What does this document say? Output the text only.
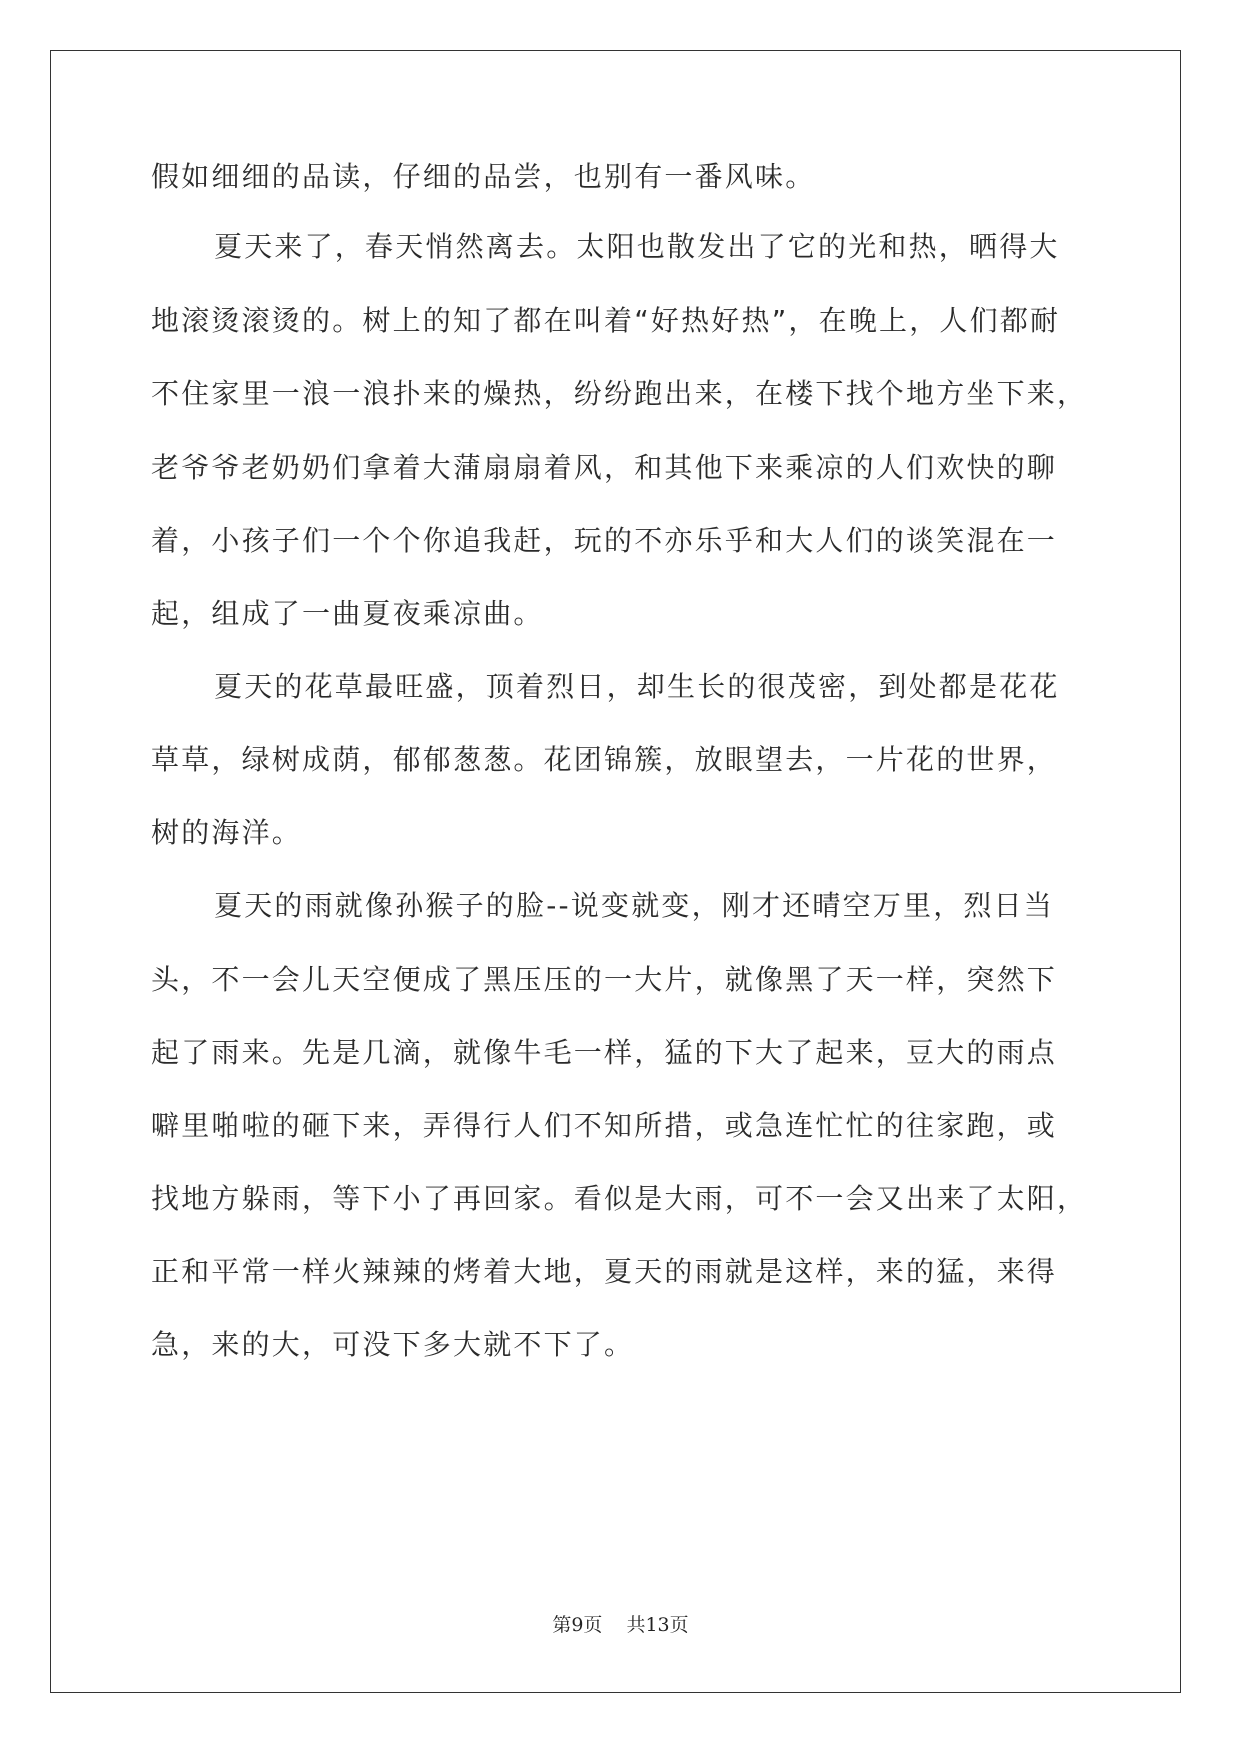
假如细细的品读，仔细的品尝，也别有一番风味。

夏天来了，春天悄然离去。太阳也散发出了它的光和热，晒得大

地滚烫滚烫的。树上的知了都在叫着“好热好热”，在晚上，人们都耐

不住家里一浪一浪扑来的燥热，纷纷跑出来，在楼下找个地方坐下来，

老爷爷老奶奶们拿着大蒲扇扇着风，和其他下来乘凉的人们欢快的聊

着，小孩子们一个个你追我赶，玩的不亦乐乎和大人们的谈笑混在一

起，组成了一曲夏夜乘凉曲。

夏天的花草最旺盛，顶着烈日，却生长的很茂密，到处都是花花

草草，绿树成荫，郁郁葱葱。花团锦簇，放眼望去，一片花的世界，

树的海洋。

夏天的雨就像孙猴子的脸--说变就变，刚才还晴空万里，烈日当

头，不一会儿天空便成了黑压压的一大片，就像黑了天一样，突然下

起了雨来。先是几滴，就像牛毛一样，猛的下大了起来，豆大的雨点

噼里啪啦的砸下来，弄得行人们不知所措，或急连忙忙的往家跑，或

找地方躲雨，等下小了再回家。看似是大雨，可不一会又出来了太阳，

正和平常一样火辣辣的烤着大地，夏天的雨就是这样，来的猛，来得

急，来的大，可没下多大就不下了。

第9页 共13页
